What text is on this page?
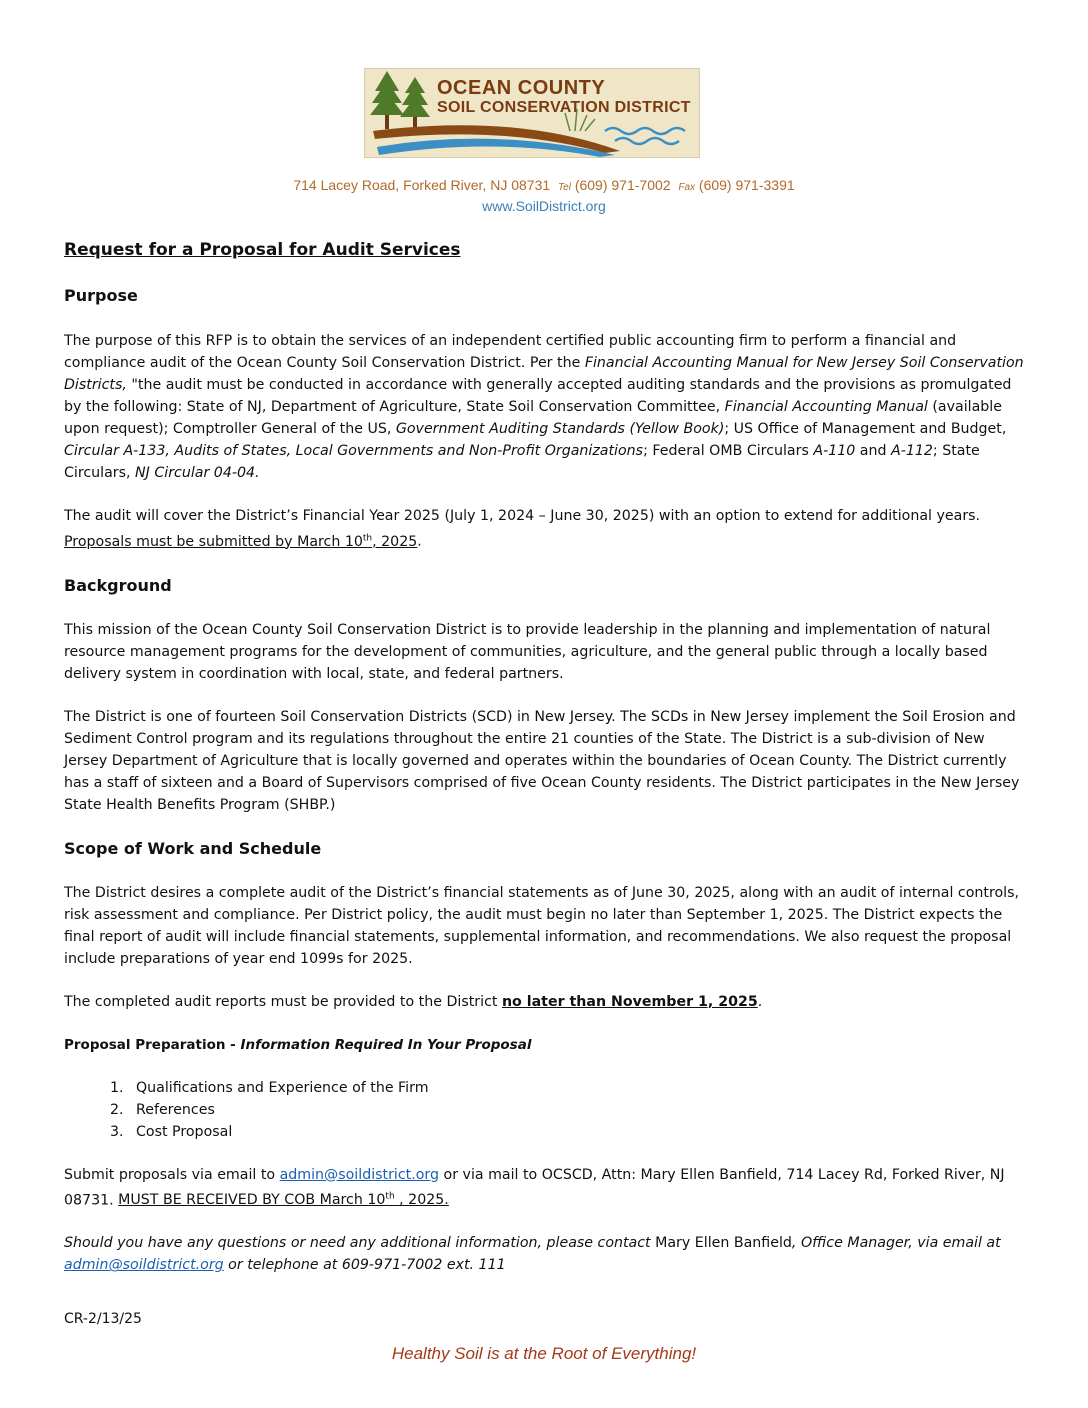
OCEAN COUNTY
SOIL CONSERVATION DISTRICT
714 Lacey Road, Forked River, NJ 08731 Tel (609) 971-7002 Fax (609) 971-3391
www.SoilDistrict.org

Request for a Proposal for Audit Services

Purpose

The purpose of this RFP is to obtain the services of an independent certified public accounting firm to perform a financial and compliance audit of the Ocean County Soil Conservation District. Per the Financial Accounting Manual for New Jersey Soil Conservation Districts, "the audit must be conducted in accordance with generally accepted auditing standards and the provisions as promulgated by the following: State of NJ, Department of Agriculture, State Soil Conservation Committee, Financial Accounting Manual (available upon request); Comptroller General of the US, Government Auditing Standards (Yellow Book); US Office of Management and Budget, Circular A-133, Audits of States, Local Governments and Non-Profit Organizations; Federal OMB Circulars A-110 and A-112; State Circulars, NJ Circular 04-04.

The audit will cover the District’s Financial Year 2025 (July 1, 2024 – June 30, 2025) with an option to extend for additional years.
Proposals must be submitted by March 10th, 2025.

Background

This mission of the Ocean County Soil Conservation District is to provide leadership in the planning and implementation of natural resource management programs for the development of communities, agriculture, and the general public through a locally based delivery system in coordination with local, state, and federal partners.

The District is one of fourteen Soil Conservation Districts (SCD) in New Jersey. The SCDs in New Jersey implement the Soil Erosion and Sediment Control program and its regulations throughout the entire 21 counties of the State. The District is a sub-division of New Jersey Department of Agriculture that is locally governed and operates within the boundaries of Ocean County. The District currently has a staff of sixteen and a Board of Supervisors comprised of five Ocean County residents. The District participates in the New Jersey State Health Benefits Program (SHBP.)

Scope of Work and Schedule

The District desires a complete audit of the District’s financial statements as of June 30, 2025, along with an audit of internal controls, risk assessment and compliance. Per District policy, the audit must begin no later than September 1, 2025. The District expects the final report of audit will include financial statements, supplemental information, and recommendations. We also request the proposal include preparations of year end 1099s for 2025.

The completed audit reports must be provided to the District no later than November 1, 2025.

Proposal Preparation - Information Required In Your Proposal

1. Qualifications and Experience of the Firm
2. References
3. Cost Proposal

Submit proposals via email to admin@soildistrict.org or via mail to OCSCD, Attn: Mary Ellen Banfield, 714 Lacey Rd, Forked River, NJ 08731. MUST BE RECEIVED BY COB March 10th , 2025.

Should you have any questions or need any additional information, please contact Mary Ellen Banfield, Office Manager, via email at
admin@soildistrict.org or telephone at 609-971-7002 ext. 111

CR-2/13/25
Healthy Soil is at the Root of Everything!
